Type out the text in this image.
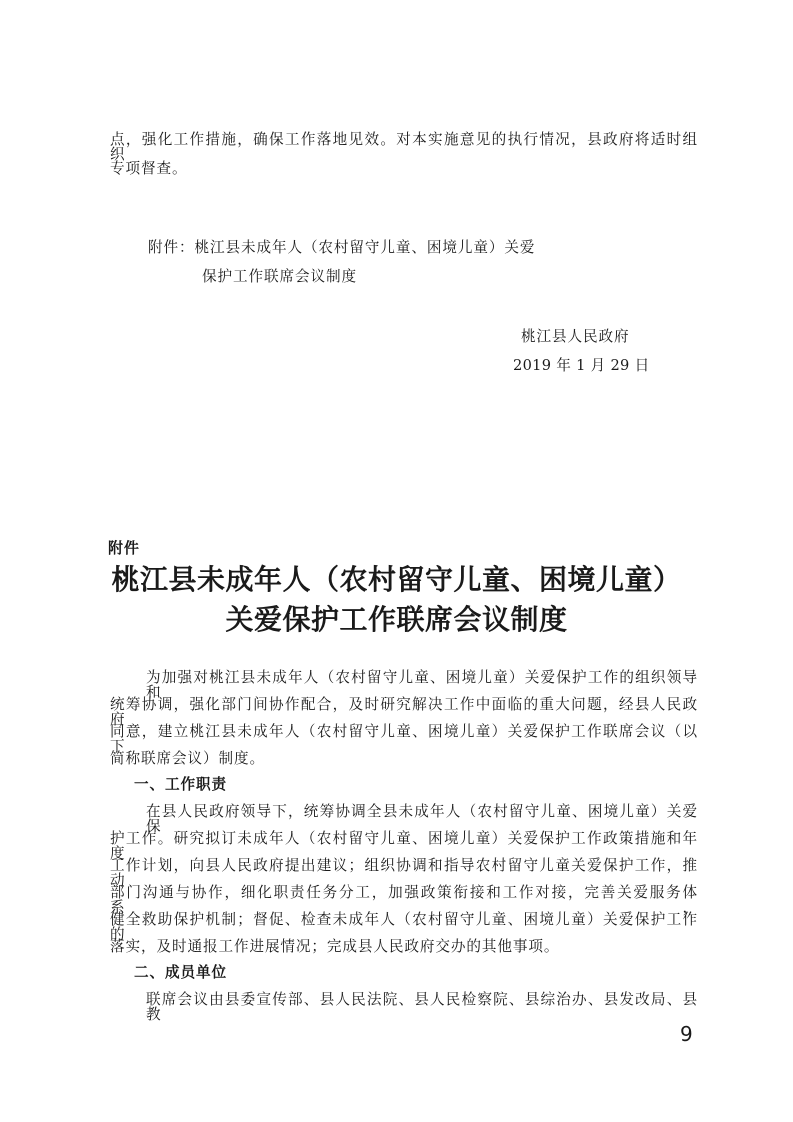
点，强化工作措施，确保工作落地见效。对本实施意见的执行情况，县政府将适时组织
专项督查。
附件：桃江县未成年人（农村留守儿童、困境儿童）关爱
保护工作联席会议制度
桃江县人民政府
2019 年 1 月 29 日
附件
桃江县未成年人（农村留守儿童、困境儿童）
关爱保护工作联席会议制度
为加强对桃江县未成年人（农村留守儿童、困境儿童）关爱保护工作的组织领导和
统筹协调，强化部门间协作配合，及时研究解决工作中面临的重大问题，经县人民政府
同意，建立桃江县未成年人（农村留守儿童、困境儿童）关爱保护工作联席会议（以下
简称联席会议）制度。
一、工作职责
在县人民政府领导下，统筹协调全县未成年人（农村留守儿童、困境儿童）关爱保
护工作。研究拟订未成年人（农村留守儿童、困境儿童）关爱保护工作政策措施和年度
工作计划，向县人民政府提出建议；组织协调和指导农村留守儿童关爱保护工作，推动
部门沟通与协作，细化职责任务分工，加强政策衔接和工作对接，完善关爱服务体系，
健全救助保护机制；督促、检查未成年人（农村留守儿童、困境儿童）关爱保护工作的
落实，及时通报工作进展情况；完成县人民政府交办的其他事项。
二、成员单位
联席会议由县委宣传部、县人民法院、县人民检察院、县综治办、县发改局、县教
9
